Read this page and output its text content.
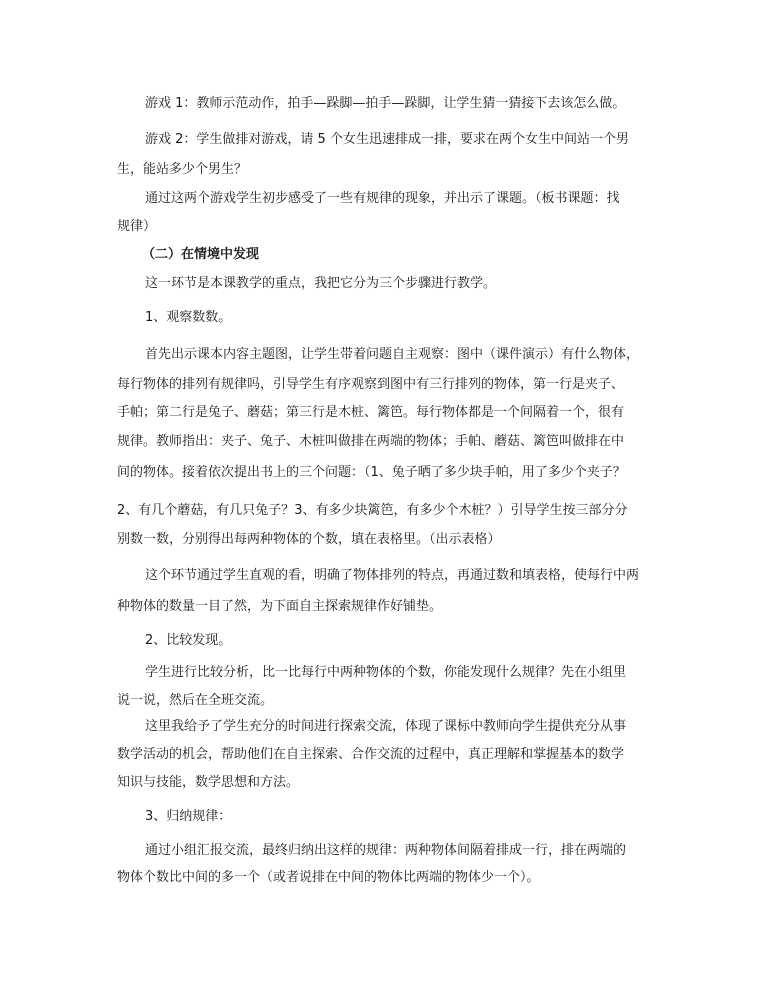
游戏 1：教师示范动作，拍手—跺脚—拍手—跺脚，让学生猜一猜接下去该怎么做。
游戏 2：学生做排对游戏，请 5 个女生迅速排成一排，要求在两个女生中间站一个男
生，能站多少个男生？
通过这两个游戏学生初步感受了一些有规律的现象，并出示了课题。（板书课题：找
规律）
（二）在情境中发现
这一环节是本课教学的重点，我把它分为三个步骤进行教学。
1、观察数数。
首先出示课本内容主题图，让学生带着问题自主观察：图中（课件演示）有什么物体，
每行物体的排列有规律吗，引导学生有序观察到图中有三行排列的物体，第一行是夹子、
手帕；第二行是兔子、蘑菇；第三行是木桩、篱笆。每行物体都是一个间隔着一个，很有
规律。教师指出：夹子、兔子、木桩叫做排在两端的物体；手帕、蘑菇、篱笆叫做排在中
间的物体。接着依次提出书上的三个问题：（1、兔子晒了多少块手帕，用了多少个夹子？
2、有几个蘑菇，有几只兔子？3、有多少块篱笆，有多少个木桩？）引导学生按三部分分
别数一数，分别得出每两种物体的个数，填在表格里。（出示表格）
这个环节通过学生直观的看，明确了物体排列的特点，再通过数和填表格，使每行中两
种物体的数量一目了然，为下面自主探索规律作好铺垫。
2、比较发现。
学生进行比较分析，比一比每行中两种物体的个数，你能发现什么规律？先在小组里
说一说，然后在全班交流。
这里我给予了学生充分的时间进行探索交流，体现了课标中教师向学生提供充分从事
数学活动的机会，帮助他们在自主探索、合作交流的过程中，真正理解和掌握基本的数学
知识与技能，数学思想和方法。
3、归纳规律：
通过小组汇报交流，最终归纳出这样的规律：两种物体间隔着排成一行，排在两端的
物体个数比中间的多一个（或者说排在中间的物体比两端的物体少一个）。
